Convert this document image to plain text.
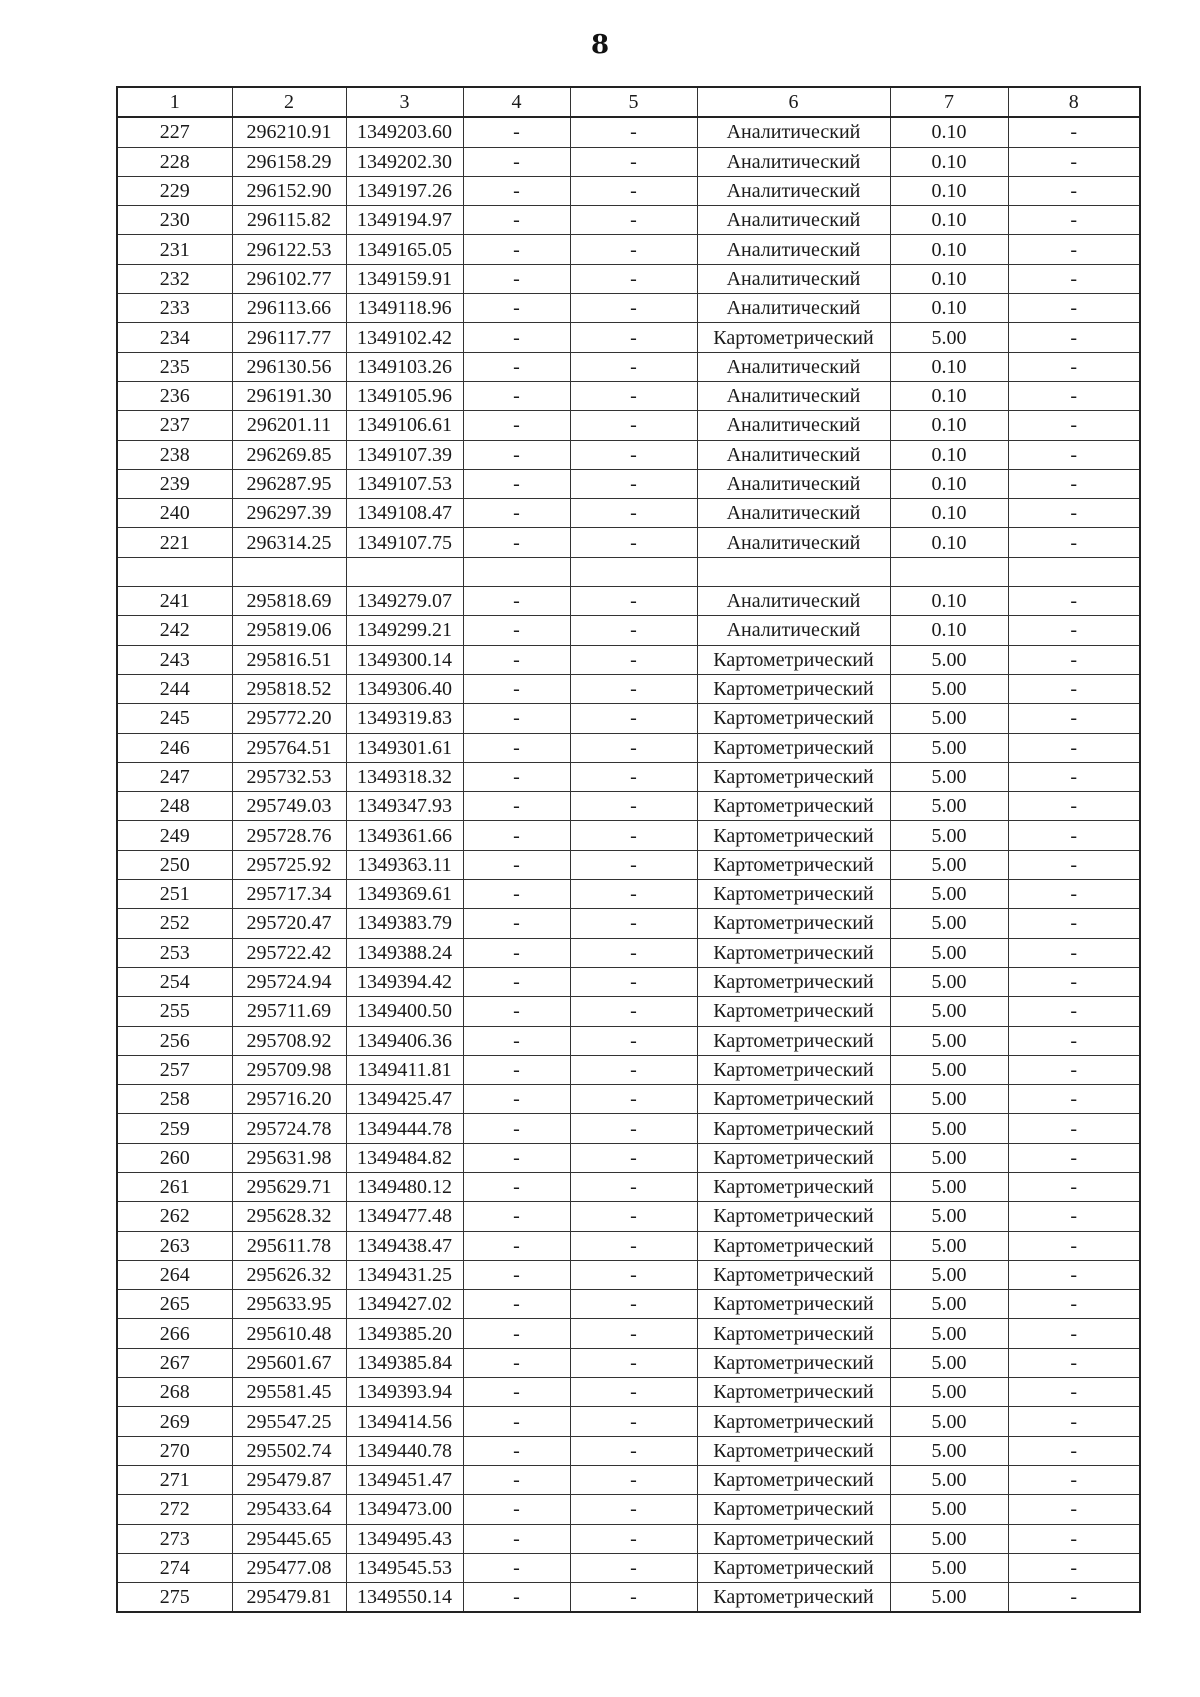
8
1	2	3	4	5	6	7	8
227	296210.91	1349203.60	-	-	Аналитический	0.10	-
228	296158.29	1349202.30	-	-	Аналитический	0.10	-
229	296152.90	1349197.26	-	-	Аналитический	0.10	-
230	296115.82	1349194.97	-	-	Аналитический	0.10	-
231	296122.53	1349165.05	-	-	Аналитический	0.10	-
232	296102.77	1349159.91	-	-	Аналитический	0.10	-
233	296113.66	1349118.96	-	-	Аналитический	0.10	-
234	296117.77	1349102.42	-	-	Картометрический	5.00	-
235	296130.56	1349103.26	-	-	Аналитический	0.10	-
236	296191.30	1349105.96	-	-	Аналитический	0.10	-
237	296201.11	1349106.61	-	-	Аналитический	0.10	-
238	296269.85	1349107.39	-	-	Аналитический	0.10	-
239	296287.95	1349107.53	-	-	Аналитический	0.10	-
240	296297.39	1349108.47	-	-	Аналитический	0.10	-
221	296314.25	1349107.75	-	-	Аналитический	0.10	-

241	295818.69	1349279.07	-	-	Аналитический	0.10	-
242	295819.06	1349299.21	-	-	Аналитический	0.10	-
243	295816.51	1349300.14	-	-	Картометрический	5.00	-
244	295818.52	1349306.40	-	-	Картометрический	5.00	-
245	295772.20	1349319.83	-	-	Картометрический	5.00	-
246	295764.51	1349301.61	-	-	Картометрический	5.00	-
247	295732.53	1349318.32	-	-	Картометрический	5.00	-
248	295749.03	1349347.93	-	-	Картометрический	5.00	-
249	295728.76	1349361.66	-	-	Картометрический	5.00	-
250	295725.92	1349363.11	-	-	Картометрический	5.00	-
251	295717.34	1349369.61	-	-	Картометрический	5.00	-
252	295720.47	1349383.79	-	-	Картометрический	5.00	-
253	295722.42	1349388.24	-	-	Картометрический	5.00	-
254	295724.94	1349394.42	-	-	Картометрический	5.00	-
255	295711.69	1349400.50	-	-	Картометрический	5.00	-
256	295708.92	1349406.36	-	-	Картометрический	5.00	-
257	295709.98	1349411.81	-	-	Картометрический	5.00	-
258	295716.20	1349425.47	-	-	Картометрический	5.00	-
259	295724.78	1349444.78	-	-	Картометрический	5.00	-
260	295631.98	1349484.82	-	-	Картометрический	5.00	-
261	295629.71	1349480.12	-	-	Картометрический	5.00	-
262	295628.32	1349477.48	-	-	Картометрический	5.00	-
263	295611.78	1349438.47	-	-	Картометрический	5.00	-
264	295626.32	1349431.25	-	-	Картометрический	5.00	-
265	295633.95	1349427.02	-	-	Картометрический	5.00	-
266	295610.48	1349385.20	-	-	Картометрический	5.00	-
267	295601.67	1349385.84	-	-	Картометрический	5.00	-
268	295581.45	1349393.94	-	-	Картометрический	5.00	-
269	295547.25	1349414.56	-	-	Картометрический	5.00	-
270	295502.74	1349440.78	-	-	Картометрический	5.00	-
271	295479.87	1349451.47	-	-	Картометрический	5.00	-
272	295433.64	1349473.00	-	-	Картометрический	5.00	-
273	295445.65	1349495.43	-	-	Картометрический	5.00	-
274	295477.08	1349545.53	-	-	Картометрический	5.00	-
275	295479.81	1349550.14	-	-	Картометрический	5.00	-
